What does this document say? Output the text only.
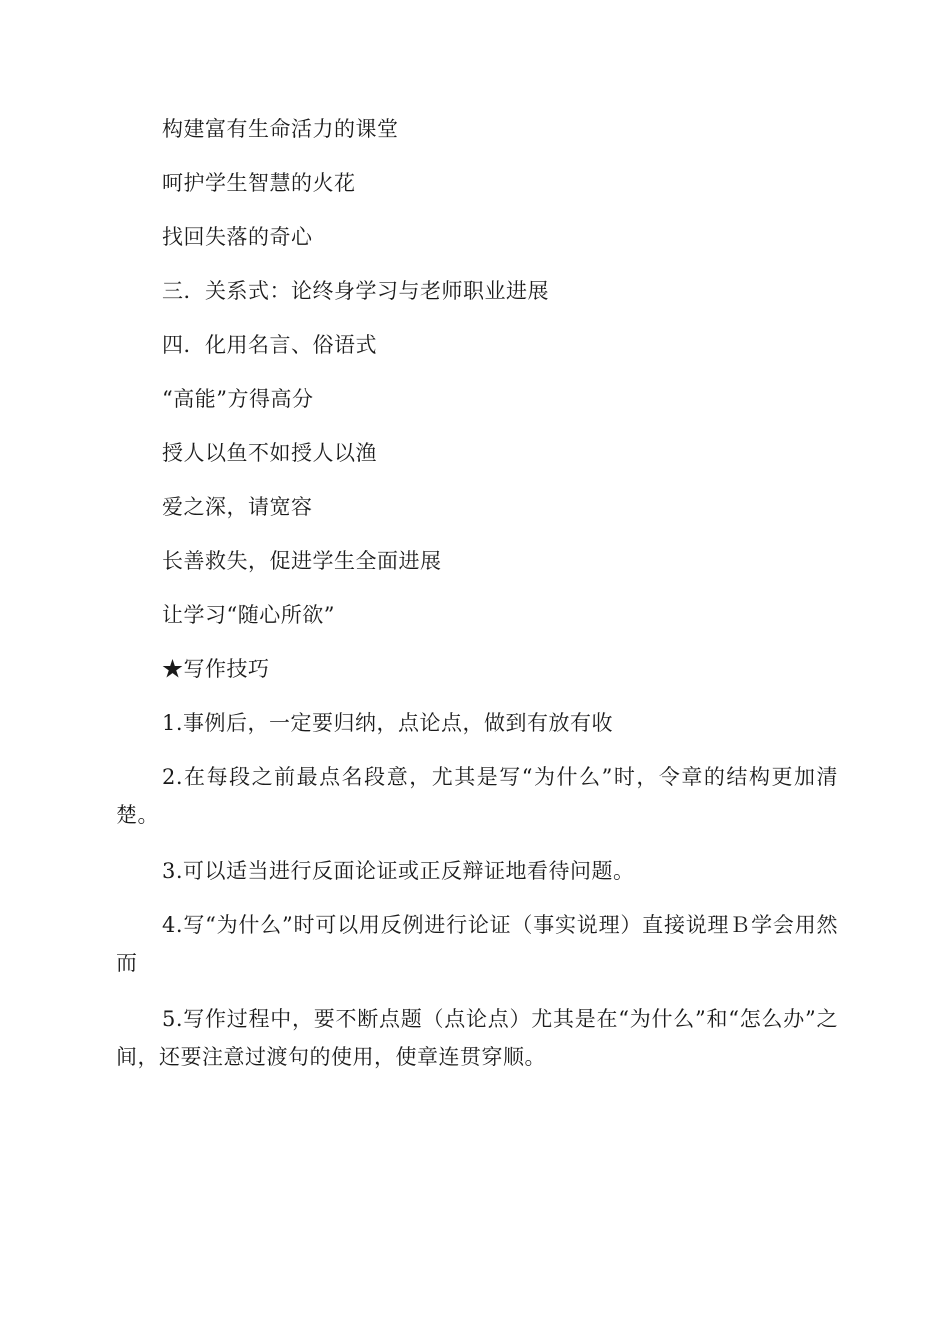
构建富有生命活力的课堂
呵护学生智慧的火花
找回失落的奇心
三．关系式：论终身学习与老师职业进展
四．化用名言、俗语式
“高能”方得高分
授人以鱼不如授人以渔
爱之深，请宽容
长善救失，促进学生全面进展
让学习“随心所欲”
★写作技巧
1.事例后，一定要归纳，点论点，做到有放有收
2.在每段之前最点名段意，尤其是写“为什么”时，令章的结构更加清楚。
3.可以适当进行反面论证或正反辩证地看待问题。
4.写“为什么”时可以用反例进行论证（事实说理）直接说理Ｂ学会用然而
5.写作过程中，要不断点题（点论点）尤其是在“为什么”和“怎么办”之间，还要注意过渡句的使用，使章连贯穿顺。
